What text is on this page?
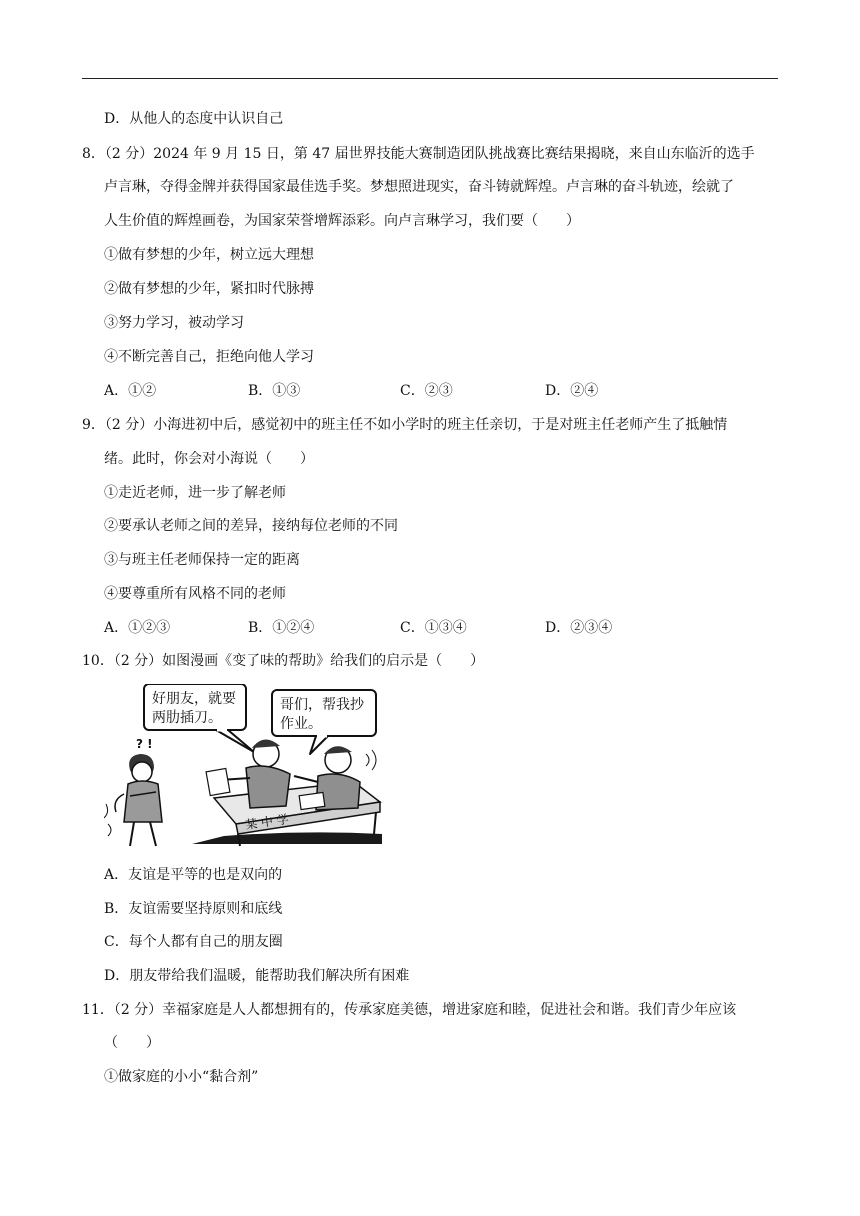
D．从他人的态度中认识自己
8．（2 分）2024 年 9 月 15 日，第 47 届世界技能大赛制造团队挑战赛比赛结果揭晓，来自山东临沂的选手
卢言琳，夺得金牌并获得国家最佳选手奖。梦想照进现实，奋斗铸就辉煌。卢言琳的奋斗轨迹，绘就了
人生价值的辉煌画卷，为国家荣誉增辉添彩。向卢言琳学习，我们要（　　）
①做有梦想的少年，树立远大理想
②做有梦想的少年，紧扣时代脉搏
③努力学习，被动学习
④不断完善自己，拒绝向他人学习
A．①②	B．①③	C．②③	D．②④
9．（2 分）小海进初中后，感觉初中的班主任不如小学时的班主任亲切，于是对班主任老师产生了抵触情
绪。此时，你会对小海说（　　）
①走近老师，进一步了解老师
②要承认老师之间的差异，接纳每位老师的不同
③与班主任老师保持一定的距离
④要尊重所有风格不同的老师
A．①②③	B．①②④	C．①③④	D．②③④
10．（2 分）如图漫画《变了味的帮助》给我们的启示是（　　）
好朋友，就要
两肋插刀。
哥们，帮我抄
作业。
? !
某 中 学
A．友谊是平等的也是双向的
B．友谊需要坚持原则和底线
C．每个人都有自己的朋友圈
D．朋友带给我们温暖，能帮助我们解决所有困难
11．（2 分）幸福家庭是人人都想拥有的，传承家庭美德，增进家庭和睦，促进社会和谐。我们青少年应该
（　　）
①做家庭的小小“黏合剂”
